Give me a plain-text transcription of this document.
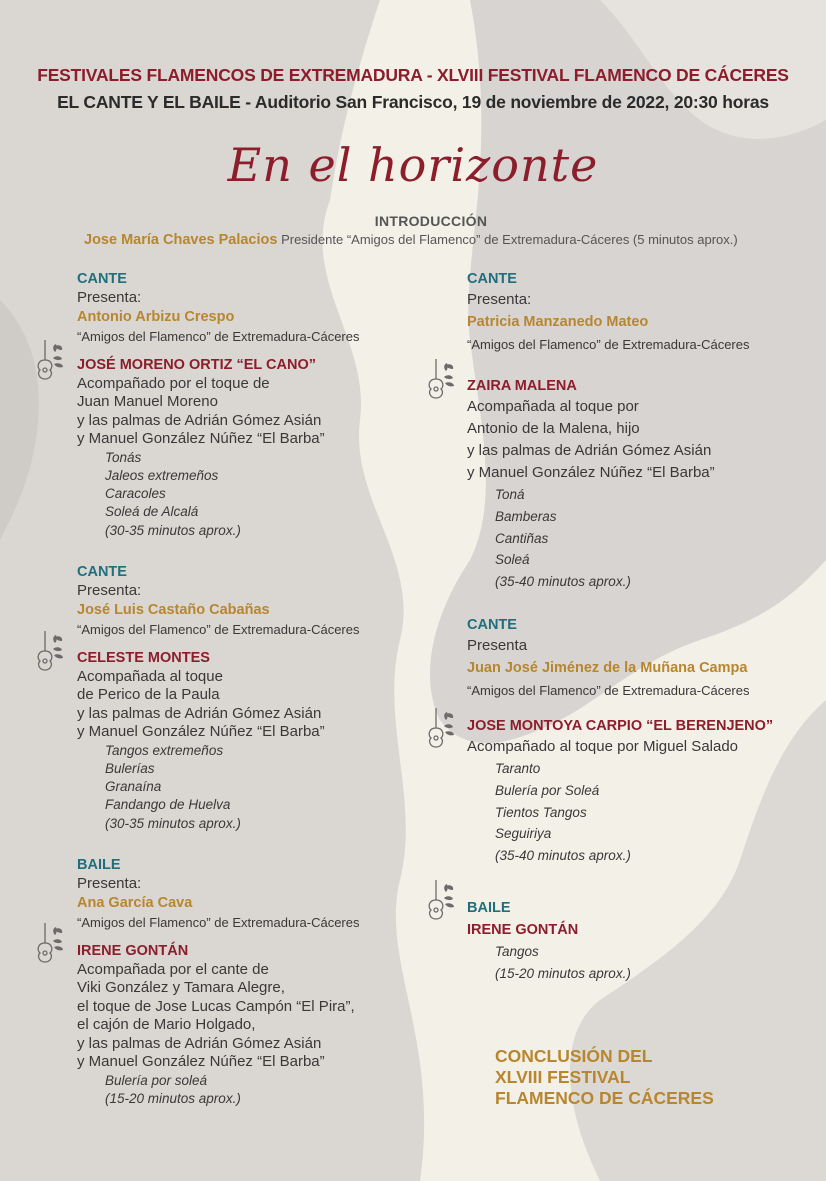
FESTIVALES FLAMENCOS DE EXTREMADURA - XLVIII FESTIVAL FLAMENCO DE CÁCERES
EL CANTE Y EL BAILE - Auditorio San Francisco, 19 de noviembre de 2022, 20:30 horas
En el horizonte
INTRODUCCIÓN
Jose María Chaves Palacios Presidente “Amigos del Flamenco” de Extremadura-Cáceres (5 minutos aprox.)
CANTE
Presenta:
Antonio Arbizu Crespo
“Amigos del Flamenco” de Extremadura-Cáceres
JOSÉ MORENO ORTIZ “EL CANO”
Acompañado por el toque de
Juan Manuel Moreno
y las palmas de Adrián Gómez Asián
y Manuel González Núñez “El Barba”
Tonás
Jaleos extremeños
Caracoles
Soleá de Alcalá
(30-35 minutos aprox.)
CANTE
Presenta:
José Luis Castaño Cabañas
“Amigos del Flamenco” de Extremadura-Cáceres
CELESTE MONTES
Acompañada al toque
de Perico de la Paula
y las palmas de Adrián Gómez Asián
y Manuel González Núñez “El Barba”
Tangos extremeños
Bulerías
Granaína
Fandango de Huelva
(30-35 minutos aprox.)
BAILE
Presenta:
Ana García Cava
“Amigos del Flamenco” de Extremadura-Cáceres
IRENE GONTÁN
Acompañada por el cante de
Viki González y Tamara Alegre,
el toque de Jose Lucas Campón “El Pira”,
el cajón de Mario Holgado,
y las palmas de Adrián Gómez Asián
y Manuel González Núñez “El Barba”
Bulería por soleá
(15-20 minutos aprox.)
CANTE
Presenta:
Patricia Manzanedo Mateo
“Amigos del Flamenco” de Extremadura-Cáceres
ZAIRA MALENA
Acompañada al toque por
Antonio de la Malena, hijo
y las palmas de Adrián Gómez Asián
y Manuel González Núñez “El Barba”
Toná
Bamberas
Cantiñas
Soleá
(35-40 minutos aprox.)
CANTE
Presenta
Juan José Jiménez de la Muñana Campa
“Amigos del Flamenco” de Extremadura-Cáceres
JOSE MONTOYA CARPIO “EL BERENJENO”
Acompañado al toque por Miguel Salado
Taranto
Bulería por Soleá
Tientos Tangos
Seguiriya
(35-40 minutos aprox.)
BAILE
IRENE GONTÁN
Tangos
(15-20 minutos aprox.)
CONCLUSIÓN DEL
XLVIII FESTIVAL
FLAMENCO DE CÁCERES
